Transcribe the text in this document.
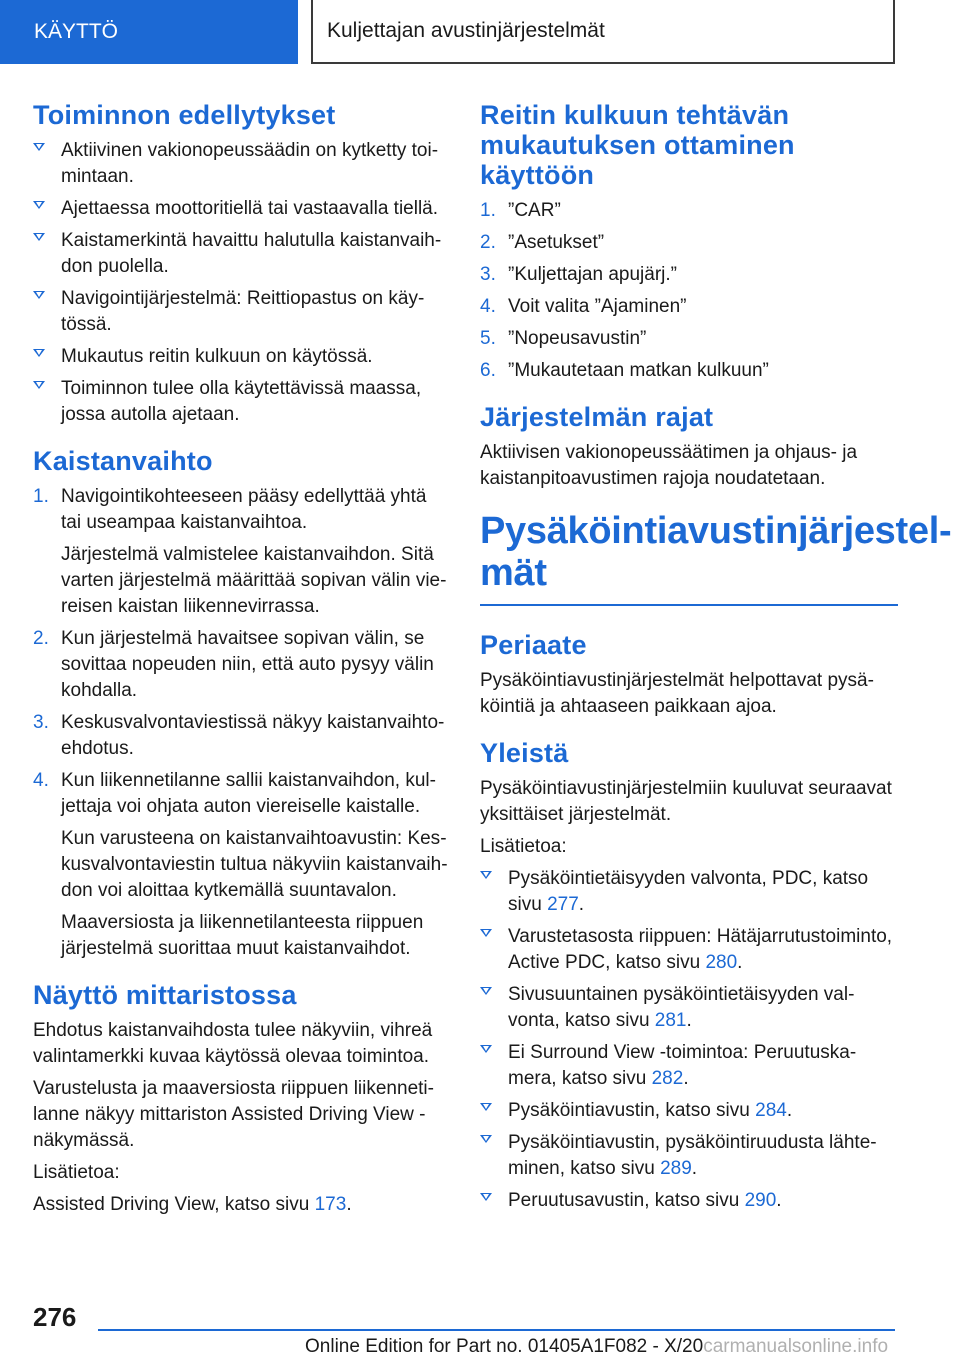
KÄYTTÖ	Kuljettajan avustinjärjestelmät
Toiminnon edellytykset
Aktiivinen vakionopeussäädin on kytketty toimintaan.
Ajettaessa moottoritiellä tai vastaavalla tiellä.
Kaistamerkintä havaittu halutulla kaistanvaihdon puolella.
Navigointijärjestelmä: Reittiopastus on käytössä.
Mukautus reitin kulkuun on käytössä.
Toiminnon tulee olla käytettävissä maassa, jossa autolla ajetaan.
Kaistanvaihto
1. Navigointikohteeseen pääsy edellyttää yhtä tai useampaa kaistanvaihtoa.

Järjestelmä valmistelee kaistanvaihdon. Sitä varten järjestelmä määrittää sopivan välin viereisen kaistan liikennevirrassa.

2. Kun järjestelmä havaitsee sopivan välin, se sovittaa nopeuden niin, että auto pysyy välin kohdalla.
3. Keskusvalvontaviestissä näkyy kaistanvaihtoehdotus.
4. Kun liikennetilanne sallii kaistanvaihdon, kuljettaja voi ohjata auton viereiselle kaistalle.

Kun varusteena on kaistanvaihtoavustin: Keskusvalvontaviestin tultua näkyviin kaistanvaihdon voi aloittaa kytkemällä suuntavalon.

Maaversiosta ja liikennetilanteesta riippuen järjestelmä suorittaa muut kaistanvaihdot.

Näyttö mittaristossa

Ehdotus kaistanvaihdosta tulee näkyviin, vihreä valintamerkki kuvaa käytössä olevaa toimintoa.

Varustelusta ja maaversiosta riippuen liikennetilanne näkyy mittariston Assisted Driving View -näkymässä.

Lisätietoa:

Assisted Driving View, katso sivu 173.

Reitin kulkuun tehtävän mukautuksen ottaminen käyttöön
1. ”CAR”
2. ”Asetukset”
3. ”Kuljettajan apujärj.”
4. Voit valita ”Ajaminen”
5. ”Nopeusavustin”
6. ”Mukautetaan matkan kulkuun”
Järjestelmän rajat

Aktiivisen vakionopeussäätimen ja ohjaus- ja kaistanpitoavustimen rajoja noudatetaan.

Pysäköintiavustinjärjestelmät
Periaate

Pysäköintiavustinjärjestelmät helpottavat pysäköintiä ja ahtaaseen paikkaan ajoa.

Yleistä

Pysäköintiavustinjärjestelmiin kuuluvat seuraavat yksittäiset järjestelmät.

Lisätietoa:

Pysäköintietäisyyden valvonta, PDC, katso sivu 277.
Varustetasosta riippuen: Hätäjarrutustoiminto, Active PDC, katso sivu 280.
Sivusuuntainen pysäköintietäisyyden valvonta, katso sivu 281.
Ei Surround View -toimintoa: Peruutuskamera, katso sivu 282.
Pysäköintiavustin, katso sivu 284.
Pysäköintiavustin, pysäköintiruudusta lähteminen, katso sivu 289.
Peruutusavustin, katso sivu 290.
276
Online Edition for Part no. 01405A1F082 - X/20carmanualsonline.info
